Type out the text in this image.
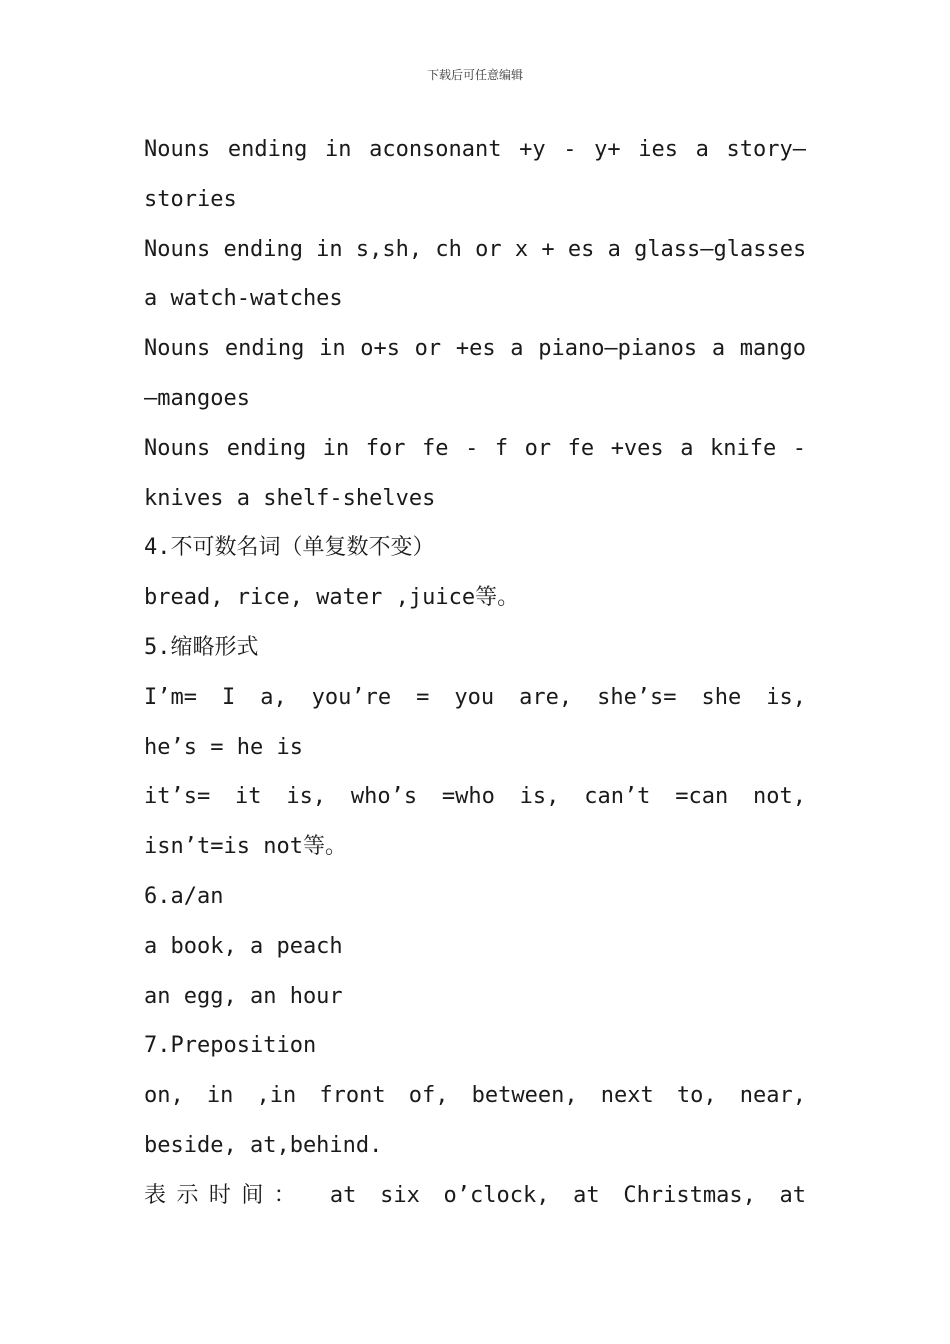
下载后可任意编辑
Nouns ending in aconsonant +y - y+ ies a story—
stories
Nouns ending in s,sh, ch or x + es a glass—glasses
a watch-watches
Nouns ending in o+s or +es a piano—pianos a mango
—mangoes
Nouns ending in for fe - f or fe +ves a knife -
knives a shelf-shelves
4.不可数名词（单复数不变）
bread, rice, water ,juice等。
5.缩略形式
I’m= I a, you’re = you are, she’s= she is,
he’s = he is
it’s= it is, who’s =who is, can’t =can not,
isn’t=is not等。
6.a/an
a book, a peach
an egg, an hour
7.Preposition
on, in ,in front of, between, next to, near,
beside, at,behind.
表示时间： at six o’clock, at Christmas, at
